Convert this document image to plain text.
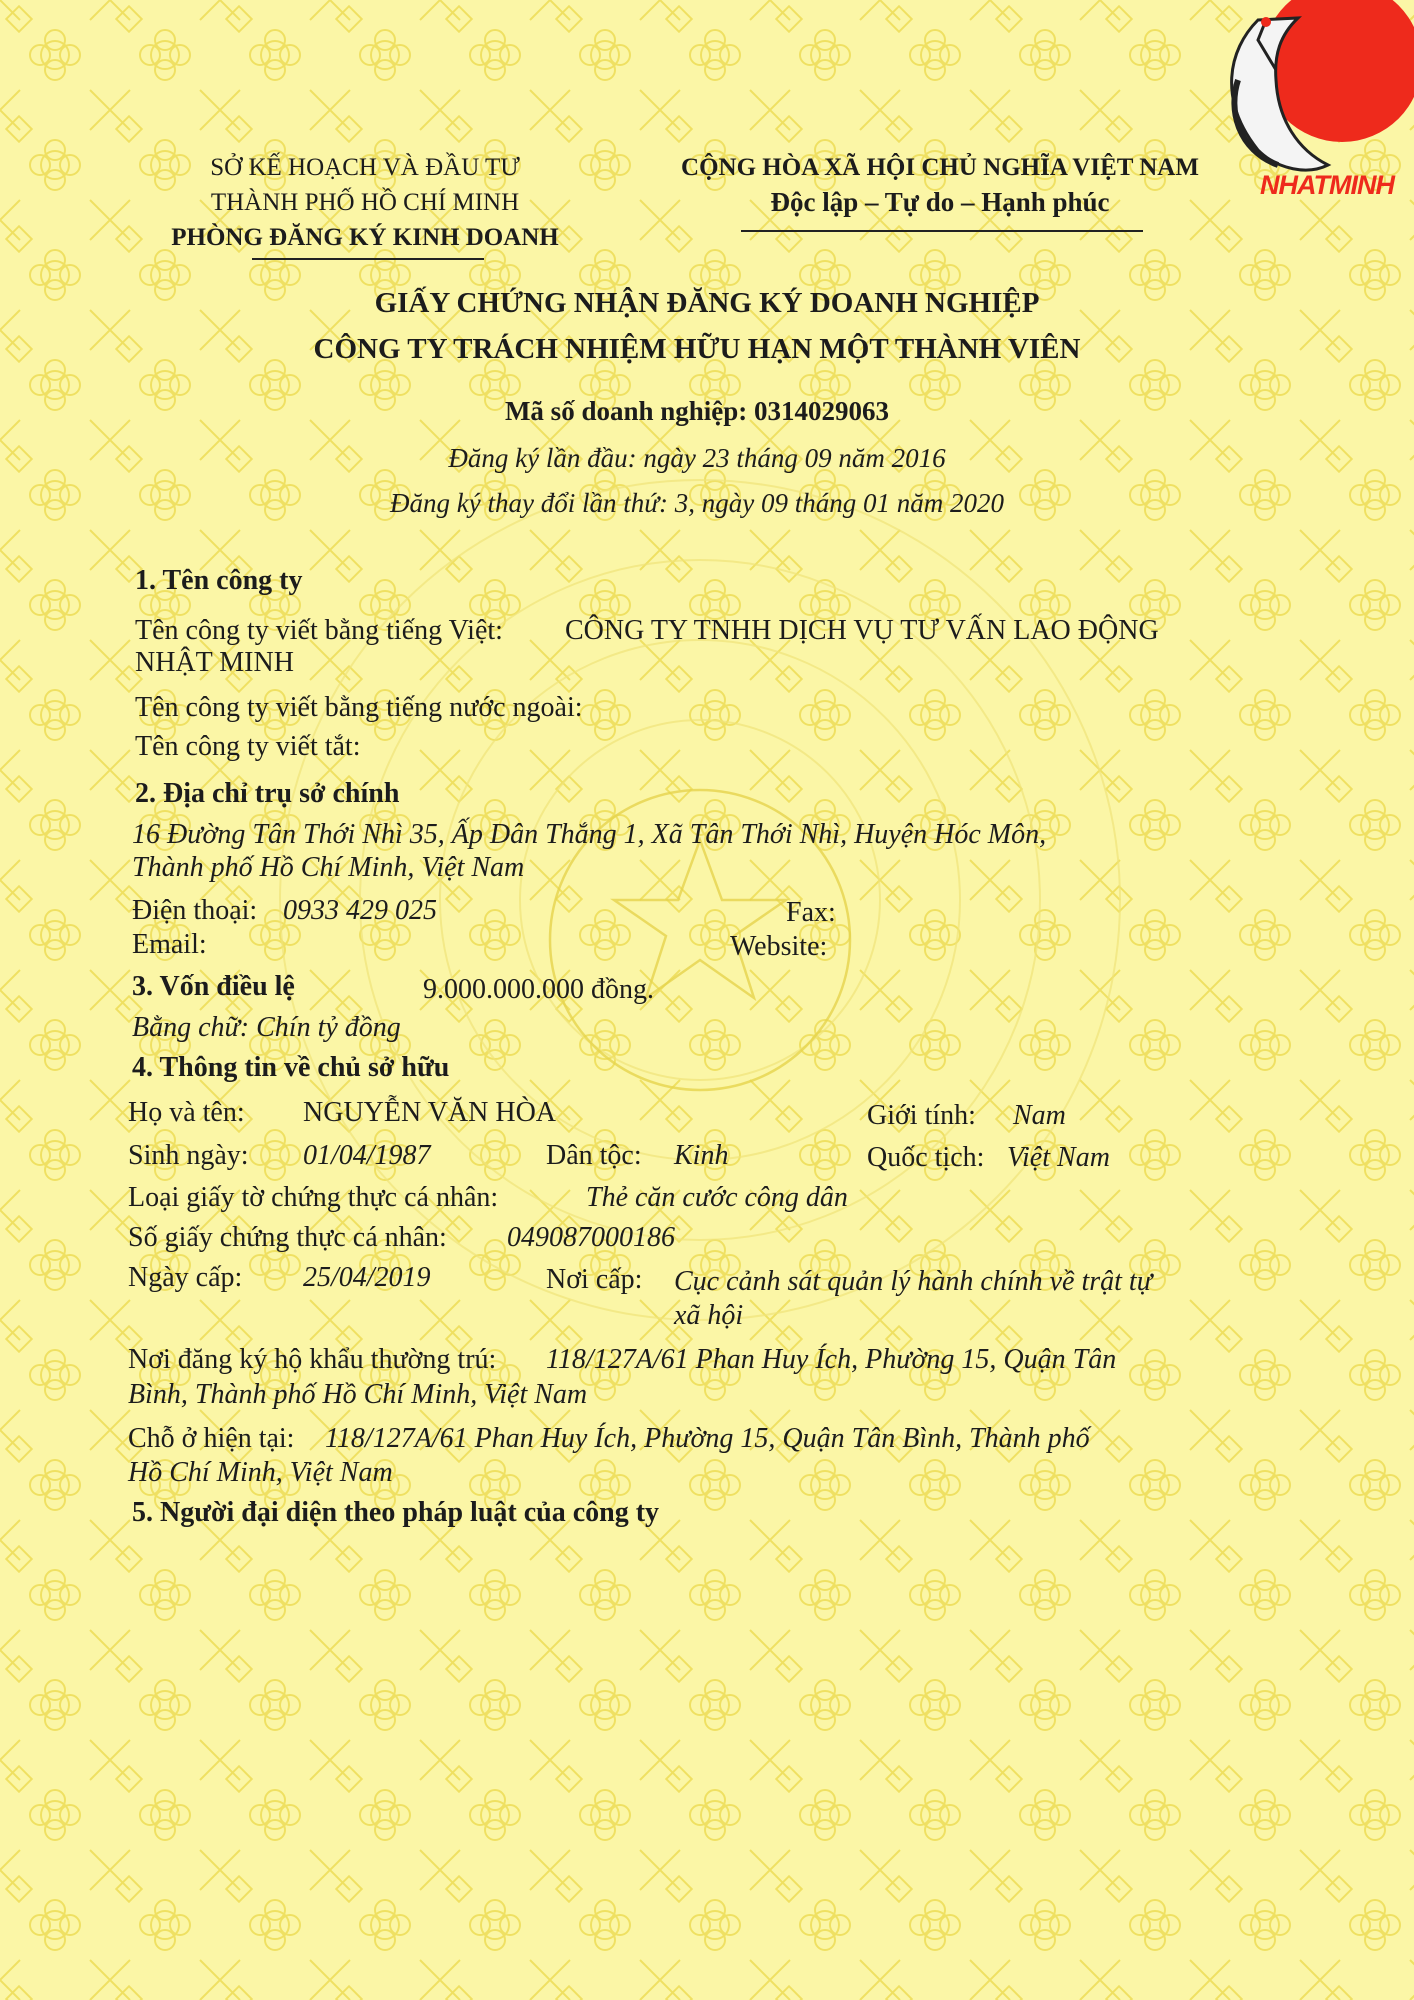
NHATMINH
SỞ KẾ HOẠCH VÀ ĐẦU TƯ
THÀNH PHỐ HỒ CHÍ MINH
PHÒNG ĐĂNG KÝ KINH DOANH
CỘNG HÒA XÃ HỘI CHỦ NGHĨA VIỆT NAM
Độc lập – Tự do – Hạnh phúc
GIẤY CHỨNG NHẬN ĐĂNG KÝ DOANH NGHIỆP
CÔNG TY TRÁCH NHIỆM HỮU HẠN MỘT THÀNH VIÊN
Mã số doanh nghiệp: 0314029063
Đăng ký lần đầu: ngày 23 tháng 09 năm 2016
Đăng ký thay đổi lần thứ: 3, ngày 09 tháng 01 năm 2020
1. Tên công ty
Tên công ty viết bằng tiếng Việt: CÔNG TY TNHH DỊCH VỤ TƯ VẤN LAO ĐỘNG
NHẬT MINH
Tên công ty viết bằng tiếng nước ngoài:
Tên công ty viết tắt:
2. Địa chỉ trụ sở chính
16 Đường Tân Thới Nhì 35, Ấp Dân Thắng 1, Xã Tân Thới Nhì, Huyện Hóc Môn,
Thành phố Hồ Chí Minh, Việt Nam
Điện thoại: 0933 429 025	Fax:
Email:	Website:
3. Vốn điều lệ	9.000.000.000 đồng.
Bằng chữ: Chín tỷ đồng
4. Thông tin về chủ sở hữu
Họ và tên: NGUYỄN VĂN HÒA	Giới tính: Nam
Sinh ngày: 01/04/1987	Dân tộc: Kinh	Quốc tịch: Việt Nam
Loại giấy tờ chứng thực cá nhân:	Thẻ căn cước công dân
Số giấy chứng thực cá nhân: 049087000186
Ngày cấp: 25/04/2019	Nơi cấp: Cục cảnh sát quản lý hành chính về trật tự
xã hội
Nơi đăng ký hộ khẩu thường trú: 118/127A/61 Phan Huy Ích, Phường 15, Quận Tân
Bình, Thành phố Hồ Chí Minh, Việt Nam
Chỗ ở hiện tại: 118/127A/61 Phan Huy Ích, Phường 15, Quận Tân Bình, Thành phố
Hồ Chí Minh, Việt Nam
5. Người đại diện theo pháp luật của công ty
